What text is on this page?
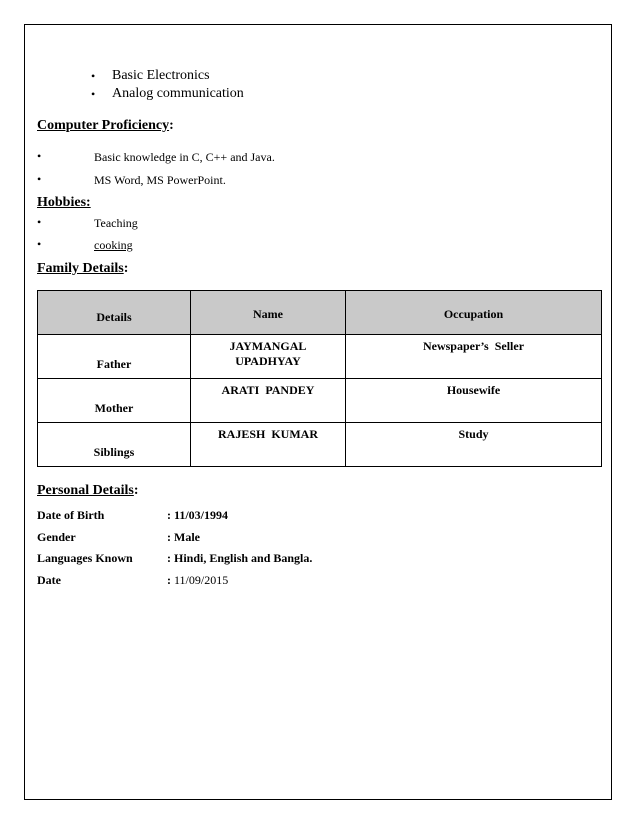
• Basic Electronics
• Analog communication
Computer Proficiency:
•	Basic knowledge in C, C++ and Java.
•	MS Word, MS PowerPoint.
Hobbies:
•	Teaching
•	cooking
Family Details:
Details	Name	Occupation

Father	JAYMANGAL UPADHYAY	Newspaper’s  Seller

Mother	ARATI  PANDEY	Housewife

Siblings	RAJESH  KUMAR	Study
Personal Details:
Date of Birth	: 11/03/1994
Gender	: Male
Languages Known	: Hindi, English and Bangla.
Date	: 11/09/2015
